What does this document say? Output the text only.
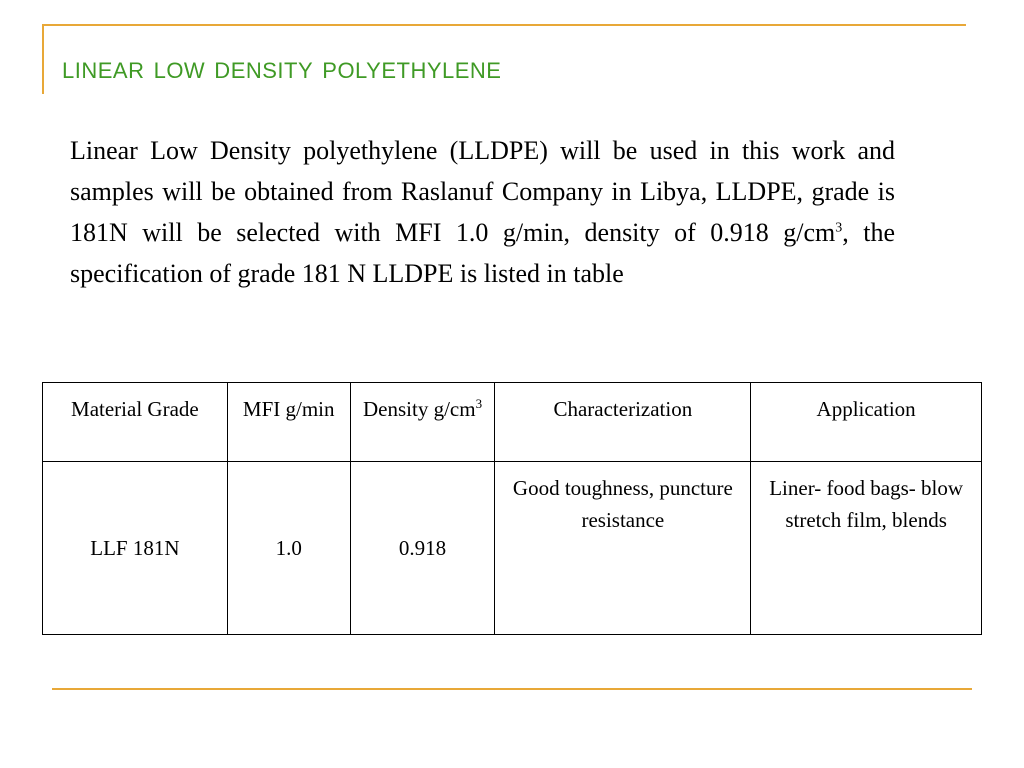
linear low density polyethylene
Linear Low Density polyethylene (LLDPE) will be used in this work and samples will be obtained from Raslanuf Company in Libya, LLDPE, grade is 181N will be selected with MFI 1.0 g/min, density of 0.918 $g/cm^3$, the specification of grade 181 N LLDPE is listed in table
Material Grade	MFI g/min	Density $g/cm^3$	Characterization	Application
LLF 181N	1.0	0.918	Good toughness, puncture resistance	Liner- food bags- blow stretch film, blends
